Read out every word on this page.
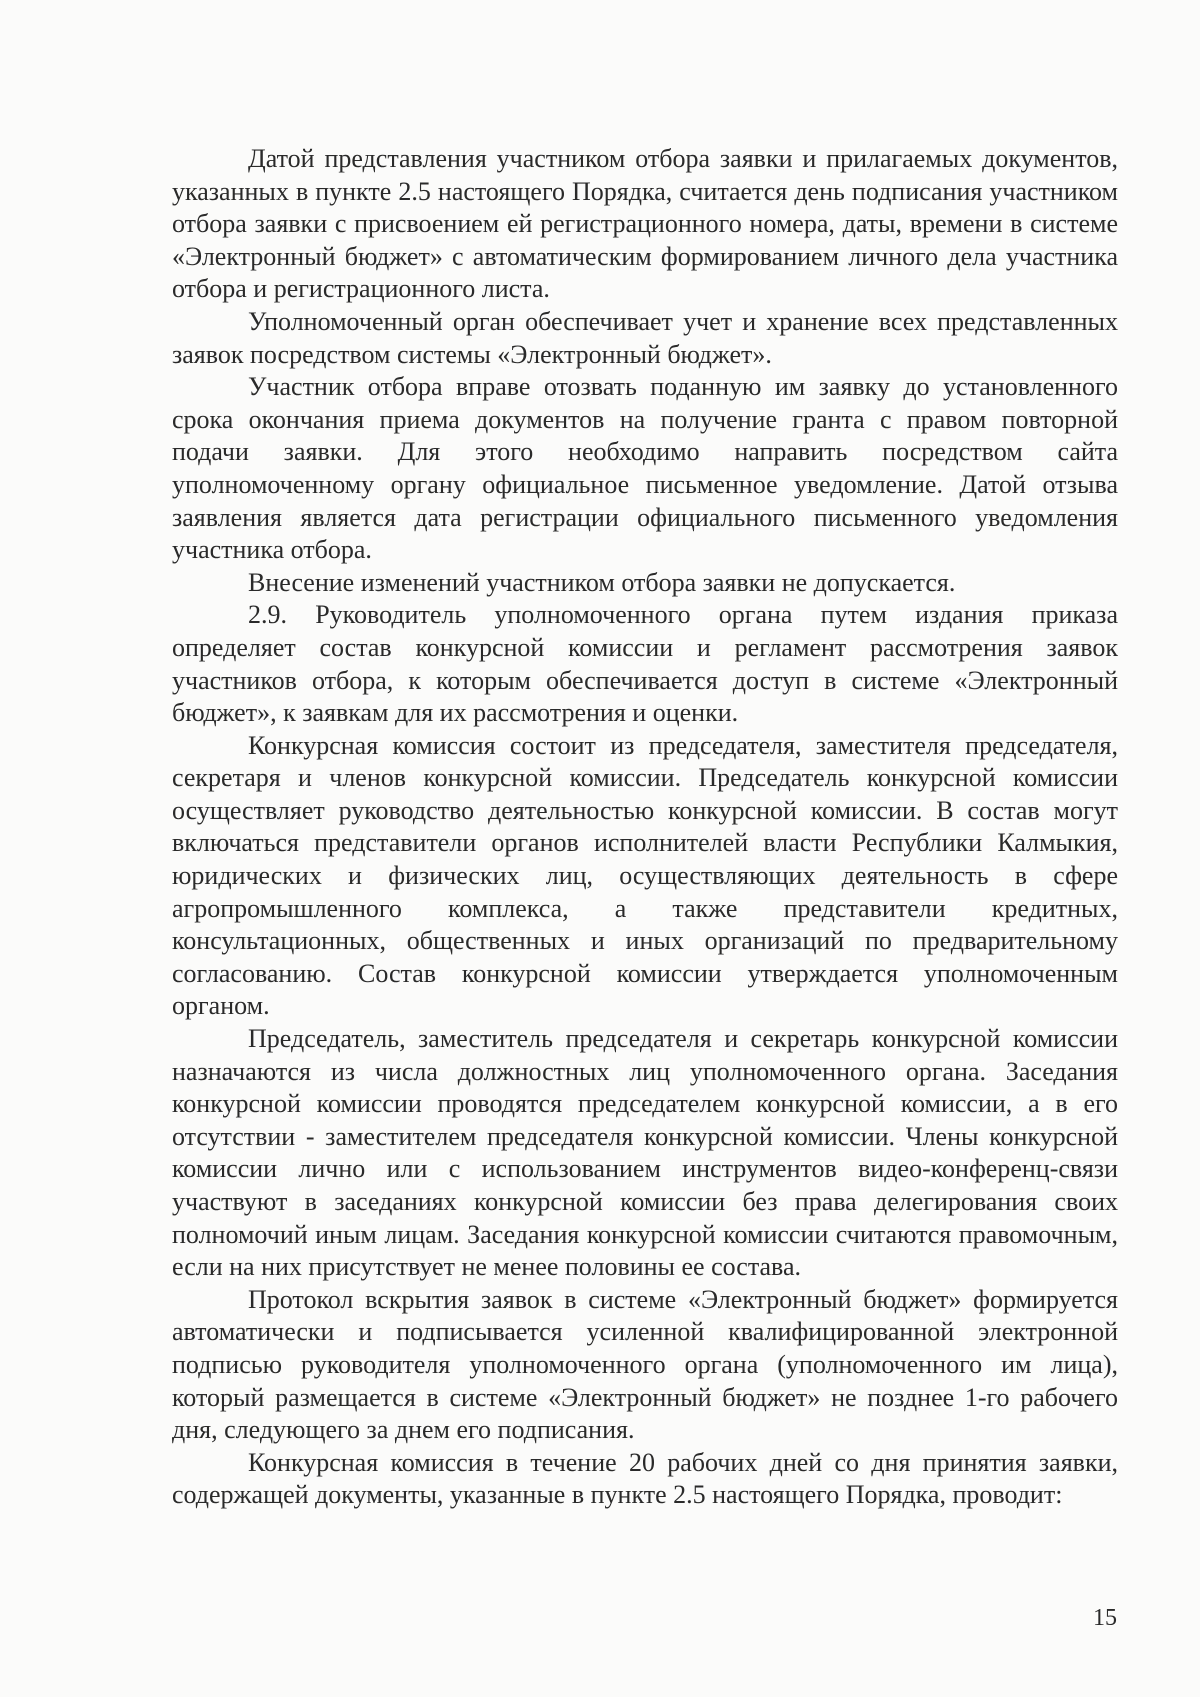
Датой представления участником отбора заявки и прилагаемых документов, указанных в пункте 2.5 настоящего Порядка, считается день подписания участником отбора заявки с присвоением ей регистрационного номера, даты, времени в системе «Электронный бюджет» с автоматическим формированием личного дела участника отбора и регистрационного листа.

Уполномоченный орган обеспечивает учет и хранение всех представленных заявок посредством системы «Электронный бюджет».

Участник отбора вправе отозвать поданную им заявку до установленного срока окончания приема документов на получение гранта с правом повторной подачи заявки. Для этого необходимо направить посредством сайта уполномоченному органу официальное письменное уведомление. Датой отзыва заявления является дата регистрации официального письменного уведомления участника отбора.

Внесение изменений участником отбора заявки не допускается.

2.9. Руководитель уполномоченного органа путем издания приказа определяет состав конкурсной комиссии и регламент рассмотрения заявок участников отбора, к которым обеспечивается доступ в системе «Электронный бюджет», к заявкам для их рассмотрения и оценки.

Конкурсная комиссия состоит из председателя, заместителя председателя, секретаря и членов конкурсной комиссии. Председатель конкурсной комиссии осуществляет руководство деятельностью конкурсной комиссии. В состав могут включаться представители органов исполнителей власти Республики Калмыкия, юридических и физических лиц, осуществляющих деятельность в сфере агропромышленного комплекса, а также представители кредитных, консультационных, общественных и иных организаций по предварительному согласованию. Состав конкурсной комиссии утверждается уполномоченным органом.

Председатель, заместитель председателя и секретарь конкурсной комиссии назначаются из числа должностных лиц уполномоченного органа. Заседания конкурсной комиссии проводятся председателем конкурсной комиссии, а в его отсутствии - заместителем председателя конкурсной комиссии. Члены конкурсной комиссии лично или с использованием инструментов видео-конференц-связи участвуют в заседаниях конкурсной комиссии без права делегирования своих полномочий иным лицам. Заседания конкурсной комиссии считаются правомочным, если на них присутствует не менее половины ее состава.

Протокол вскрытия заявок в системе «Электронный бюджет» формируется автоматически и подписывается усиленной квалифицированной электронной подписью руководителя уполномоченного органа (уполномоченного им лица), который размещается в системе «Электронный бюджет» не позднее 1-го рабочего дня, следующего за днем его подписания.

Конкурсная комиссия в течение 20 рабочих дней со дня принятия заявки, содержащей документы, указанные в пункте 2.5 настоящего Порядка, проводит:

15
